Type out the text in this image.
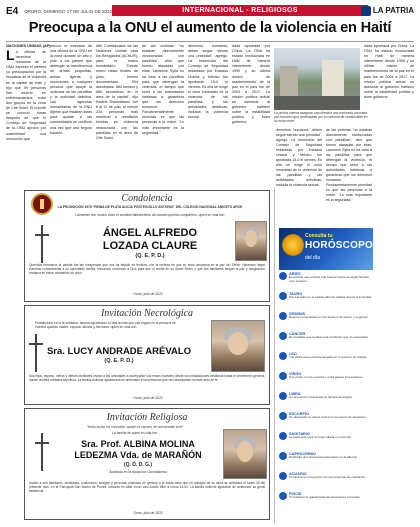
E4 ORURO, DOMINGO 17 DE JULIO DE 2022	INTERNACIONAL - RELIGIOSOS	LA PATRIA
Preocupa a la ONU el aumento de la violencia en Haití
NACIONES UNIDAS (AP)
La oficina de derechos humanos de la ONU expresó el viernes su preocupación por la escalada de la violencia en la capital de Haití y dijo que 99 personas han muerto en enfrentamientos entre dos grupos en la zona de Cité Soleil. El reporte se conoció horas después de que el Consejo de Seguridad de la ONU aprobó por unanimidad una resolución que
renovó el mandato de una oficina de la ONU en la zona durante un año y pide a los países que detengan la transferencia de armas pequeñas, armas ligeras y municiones a cualquier persona que apoye la violencia de las pandillas y la actividad delictiva. Las agencias humanitarias de la ONU dijeron que estaban listas para ayudar a las comunidades en conflicto una vez que sea seguro hacerlo.
Alto Comisionado de las Naciones Unidas para los Refugiados (ACNUR), para el marco humanitario. "Desde enero hasta finales de junio, hemos documentado 934 asesinatos, 684 heridos y 680 secuestros en el área de la capital", dijo Ravina Shamdasani. Del 8 al 12 de julio, al menos 234 personas más murieron o resultaron heridas en violencia relacionada con las pandillas en el área de Cité Soleil.
de las víctimas "no estaban directamente involucradas con pandillas", dice que fueron atacadas por ellas. Laurence Sylla no ha visto a las pandillas para que detengan la violencia, el tiempo que toma a las autoridades haitianas a garantizar que los derechos humanos. Fundamentalmente prioridad es que las personas a la orden. "Lo más importante es la seguridad."
derechos humanos, deben seguir siendo una prioridad", agregó. La resolución del Consejo de Seguridad redactada por Estados Unidos y México fue aprobada 15-0 el viernes. Es ella se exige el cese inmediato de la violencia de las pandillas y las actividades delictivas, incluida la violencia sexual.
dada aprobada por China. La ONU ha estado involucrada en Haití de manera intermitente desde 1990 y su última misión de mantenimiento de la paz en el país fue de 2004 a 2017. La misión política actual es asesorar al gobierno haitiano sobre la estabilidad política y buen gobierno.
dada aprobada por China. La ONU ha estado involucrada en Haití de manera intermitente desde 1990 y su última misión de mantenimiento de la paz en el país fue de 2004 a 2017. La misión política actual es asesorar al gobierno haitiano sobre la estabilidad política y buen gobierno.
La policía interna asegurar una directriz una barricada colocada por hombres que protestaban por la carencia de combustible en su zona norte.
derechos humanos, deben seguir siendo una prioridad", agregó. La resolución del Consejo de Seguridad redactada por Estados Unidos y México fue aprobada 15-0 el viernes. Es ella se exige el cese inmediato de la violencia de las pandillas y las actividades delictivas, incluida la violencia sexual.
de las víctimas "no estaban directamente involucradas con pandillas", dice que fueron atacadas por ellas. Laurence Sylla no ha visto a las pandillas para que detengan la violencia, el tiempo que toma a las autoridades haitianas a garantizar que los derechos humanos. Fundamentalmente prioridad es que las personas a la orden. "Lo más importante es la seguridad."
Condolencia
LA PROMOCIÓN 1976 "REINA DE PLATA ALICIA POSTEGUILLO ANTONIO" DEL COLEGIO NACIONAL ANICETO ARCE
Lamentan con mucho dolor el sensible fallecimiento de nuestro querido compañero, quien en vida fue:
ÁNGEL ALFREDO
LOZADA CLAURE
(Q. E. P. D.)
Queridos hermanos la partida fue tan inesperada que nos ha dejado en tristeza, con la certeza de que su alma descansa en la paz del Señor. Hacemos llegar nuestras condolencias a su apreciable familia, elevamos oraciones a Dios para que lo reciba en su Santo Reino y que sus familiares tengan la paz y resignación cristiana en estos momentos de dolor.
Oruro, julio de 2022
Invitación Necrológica
Fortalecidos en la fe cristiana, hemos agradecido a Dios la vida que nos regaló en la persona de nuestra querida madre, esposa, abuela y hermana, quien en vida fue:
Sra. LUCY ANDRADE ARÉVALO
(Q. E. P. D.)
Sus hijos, esposo, nietos y demás familiares invitan a las amistades a acompañar sus restos mortales desde sus instalaciones velatorias hasta el cementerio general, donde recibirá cristiana sepultura. La familia doliente agradecerá de antemano a las personas que nos acompañen en este acto de fe.
Oruro, julio de 2022
Invitación Religiosa
"Hubo lucha, ha concluido, acabé mi carrera, he conservado la fe"
La familia de quien en vida fue:
Sra. Prof. ALBINA MOLINA
LEDEZMA Vda. de MARAÑÓN
(Q. D. D. G.)
Acaecida en la ciudad de Cochabamba
Invitan a sus familiares, amistades, exalumnos, colegas y personas piadosas en general a la santa misa que en sufragio de su alma se celebrará el lunes 18 del presente mes, en la Parroquia San Martín de Porres, ubicada en calle Junín casi Adolfo Mier a horas 19:00. La familia doliente agradece de antemano su gentil asistencia.
Oruro, julio de 2022
Consulta tu
HORÓSCOPO
del día
ARIES
Es posible que recibas una buena noticia de algún familiar muy cercano.
TAURO
Día tranquilo en el ámbito laboral, dedica tiempo a tu familia.
GÉMINIS
Buenas expectativas en los asuntos de dinero y negocios.
CÁNCER
Es probable que recibas una invitación que no esperabas.
LEO
Tus ideas tienen buena acogida en tu entorno de trabajo.
VIRGO
Pon orden en tus cuentas y evita gastos innecesarios.
LIBRA
Un encuentro inesperado te llenará de alegría.
ESCORPIO
No descuides tu salud, busca un momento de descanso.
SAGITARIO
La paciencia será tu mejor aliada en este día.
CAPRICORNIO
Recibirás una propuesta interesante en lo laboral.
ACUARIO
Comparte tus proyectos con las personas de confianza.
PISCIS
Tu intuición te guiará hacia las decisiones correctas.
